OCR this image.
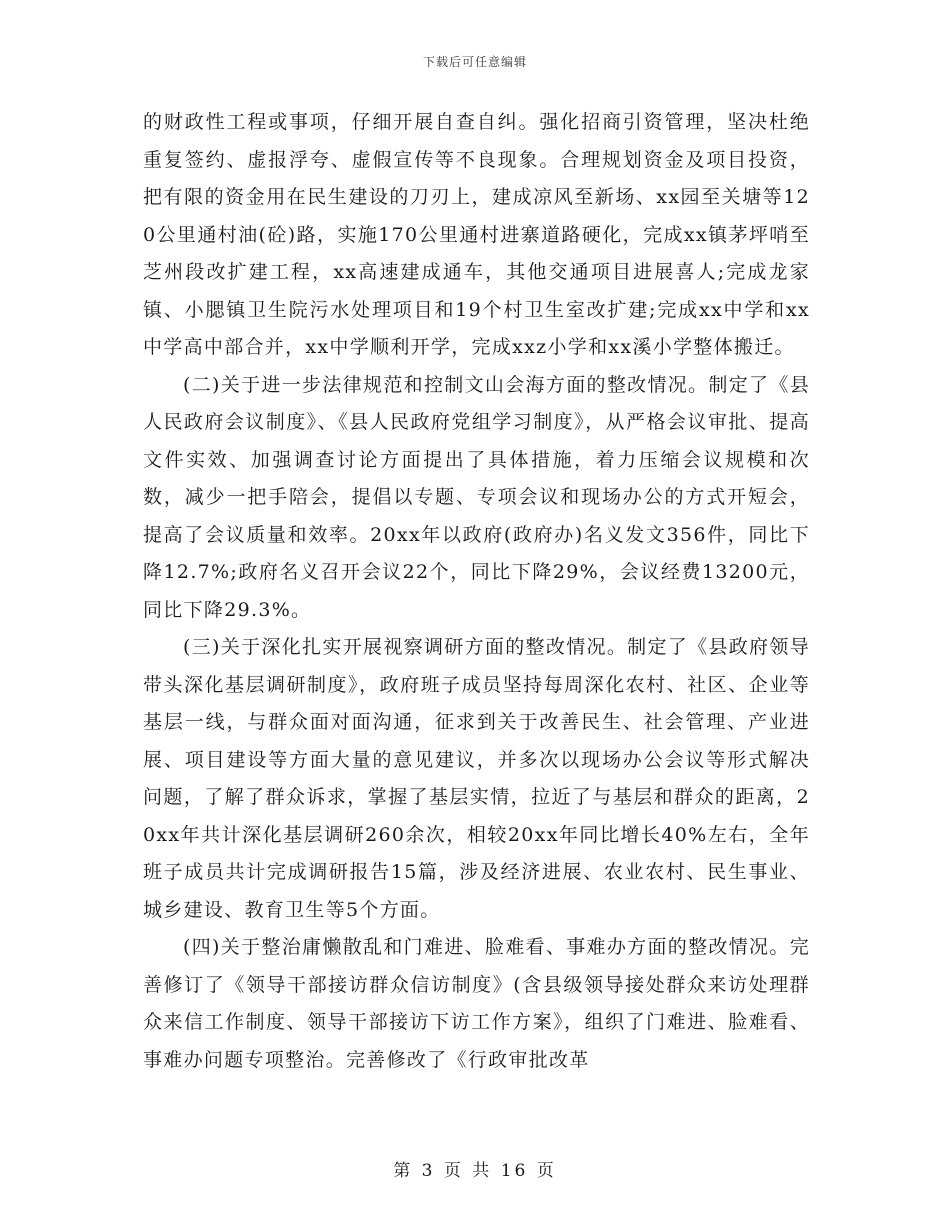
下载后可任意编辑

的财政性工程或事项，仔细开展自查自纠。强化招商引资管理，坚决杜绝重复签约、虚报浮夸、虚假宣传等不良现象。合理规划资金及项目投资，把有限的资金用在民生建设的刀刃上，建成凉风至新场、xx园至关塘等120公里通村油(砼)路，实施170公里通村进寨道路硬化，完成xx镇茅坪哨至芝州段改扩建工程，xx高速建成通车，其他交通项目进展喜人;完成龙家镇、小腮镇卫生院污水处理项目和19个村卫生室改扩建;完成xx中学和xx中学高中部合并，xx中学顺利开学，完成xxz小学和xx溪小学整体搬迁。

(二)关于进一步法律规范和控制文山会海方面的整改情况。制定了《县人民政府会议制度》、《县人民政府党组学习制度》，从严格会议审批、提高文件实效、加强调查讨论方面提出了具体措施，着力压缩会议规模和次数，减少一把手陪会，提倡以专题、专项会议和现场办公的方式开短会，提高了会议质量和效率。20xx年以政府(政府办)名义发文356件，同比下降12.7%;政府名义召开会议22个，同比下降29%，会议经费13200元，同比下降29.3%。

(三)关于深化扎实开展视察调研方面的整改情况。制定了《县政府领导带头深化基层调研制度》，政府班子成员坚持每周深化农村、社区、企业等基层一线，与群众面对面沟通，征求到关于改善民生、社会管理、产业进展、项目建设等方面大量的意见建议，并多次以现场办公会议等形式解决问题，了解了群众诉求，掌握了基层实情，拉近了与基层和群众的距离，20xx年共计深化基层调研260余次，相较20xx年同比增长40%左右，全年班子成员共计完成调研报告15篇，涉及经济进展、农业农村、民生事业、城乡建设、教育卫生等5个方面。

(四)关于整治庸懒散乱和门难进、脸难看、事难办方面的整改情况。完善修订了《领导干部接访群众信访制度》(含县级领导接处群众来访处理群众来信工作制度、领导干部接访下访工作方案》，组织了门难进、脸难看、事难办问题专项整治。完善修改了《行政审批改革

第 3 页 共 16 页
